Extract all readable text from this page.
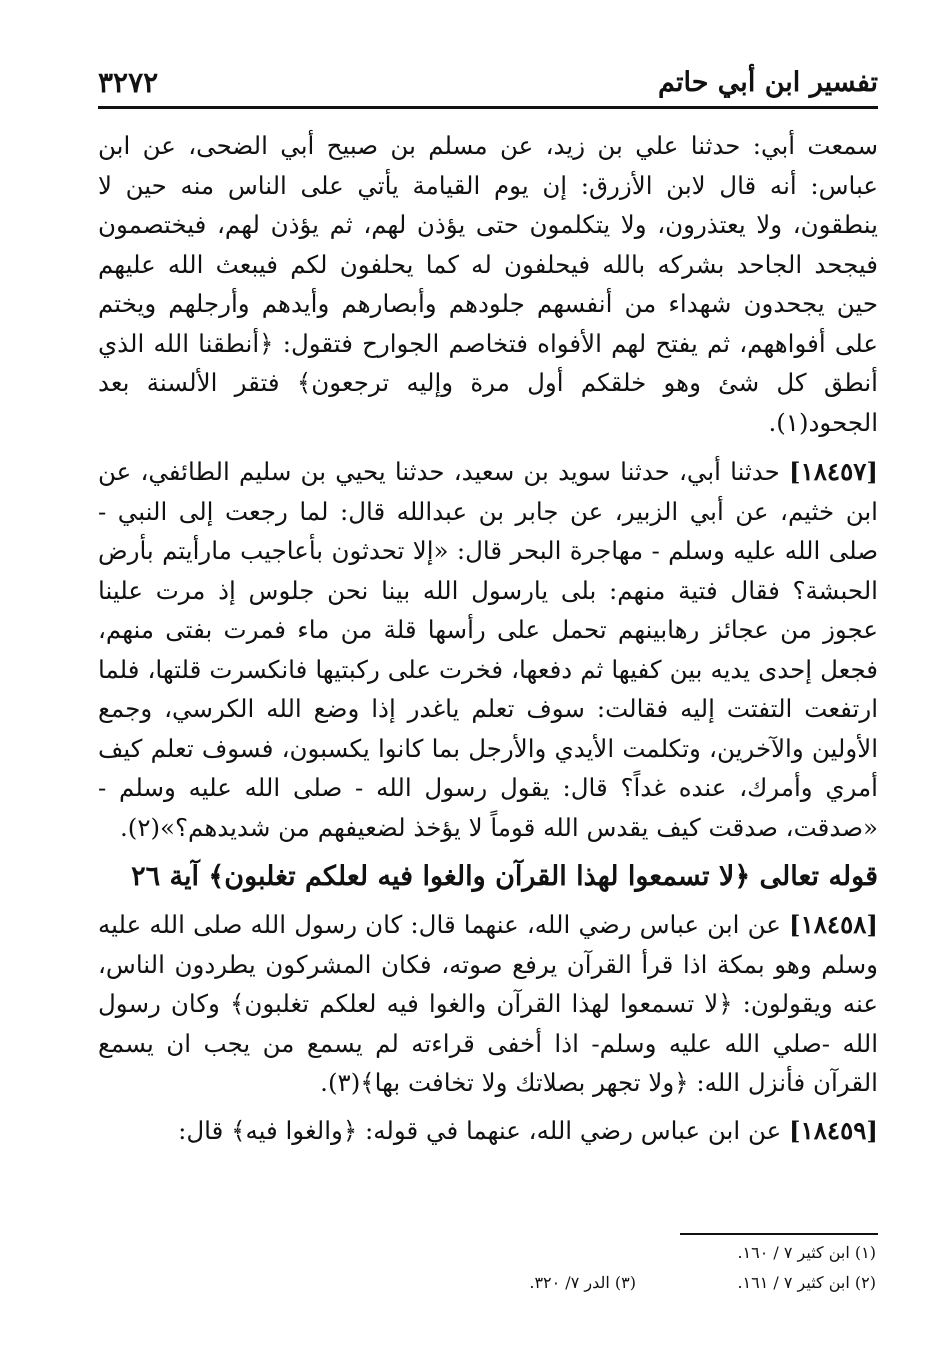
تفسير ابن أبي حاتم
٣٢٧٢

سمعت أبي: حدثنا علي بن زيد، عن مسلم بن صبيح أبي الضحى، عن ابن عباس: أنه قال لابن الأزرق: إن يوم القيامة يأتي على الناس منه حين لا ينطقون، ولا يعتذرون، ولا يتكلمون حتى يؤذن لهم، ثم يؤذن لهم، فيختصمون فيجحد الجاحد بشركه بالله فيحلفون له كما يحلفون لكم فيبعث الله عليهم حين يجحدون شهداء من أنفسهم جلودهم وأبصارهم وأيدهم وأرجلهم ويختم على أفواههم، ثم يفتح لهم الأفواه فتخاصم الجوارح فتقول: ﴿أنطقنا الله الذي أنطق كل شئ وهو خلقكم أول مرة وإليه ترجعون﴾ فتقر الألسنة بعد الجحود(١).

[١٨٤٥٧] حدثنا أبي، حدثنا سويد بن سعيد، حدثنا يحيي بن سليم الطائفي، عن ابن خثيم، عن أبي الزبير، عن جابر بن عبدالله قال: لما رجعت إلى النبي - صلى الله عليه وسلم - مهاجرة البحر قال: «إلا تحدثون بأعاجيب مارأيتم بأرض الحبشة؟ فقال فتية منهم: بلى يارسول الله بينا نحن جلوس إذ مرت علينا عجوز من عجائز رهابينهم تحمل على رأسها قلة من ماء فمرت بفتى منهم، فجعل إحدى يديه بين كفيها ثم دفعها، فخرت على ركبتيها فانكسرت قلتها، فلما ارتفعت التفتت إليه فقالت: سوف تعلم ياغدر إذا وضع الله الكرسي، وجمع الأولين والآخرين، وتكلمت الأيدي والأرجل بما كانوا يكسبون، فسوف تعلم كيف أمري وأمرك، عنده غداً؟ قال: يقول رسول الله - صلى الله عليه وسلم - «صدقت، صدقت كيف يقدس الله قوماً لا يؤخذ لضعيفهم من شديدهم؟»(٢).

قوله تعالى ﴿لا تسمعوا لهذا القرآن والغوا فيه لعلكم تغلبون﴾ آية ٢٦

[١٨٤٥٨] عن ابن عباس رضي الله، عنهما قال: كان رسول الله صلى الله عليه وسلم وهو بمكة اذا قرأ القرآن يرفع صوته، فكان المشركون يطردون الناس، عنه ويقولون: ﴿لا تسمعوا لهذا القرآن والغوا فيه لعلكم تغلبون﴾ وكان رسول الله -صلي الله عليه وسلم- اذا أخفى قراءته لم يسمع من يجب ان يسمع القرآن فأنزل الله: ﴿ولا تجهر بصلاتك ولا تخافت بها﴾(٣).

[١٨٤٥٩] عن ابن عباس رضي الله، عنهما في قوله: ﴿والغوا فيه﴾ قال:

(١) ابن كثير ٧ / ١٦٠.
(٢) ابن كثير ٧ / ١٦١.
(٣) الدر ٧/ ٣٢٠.
